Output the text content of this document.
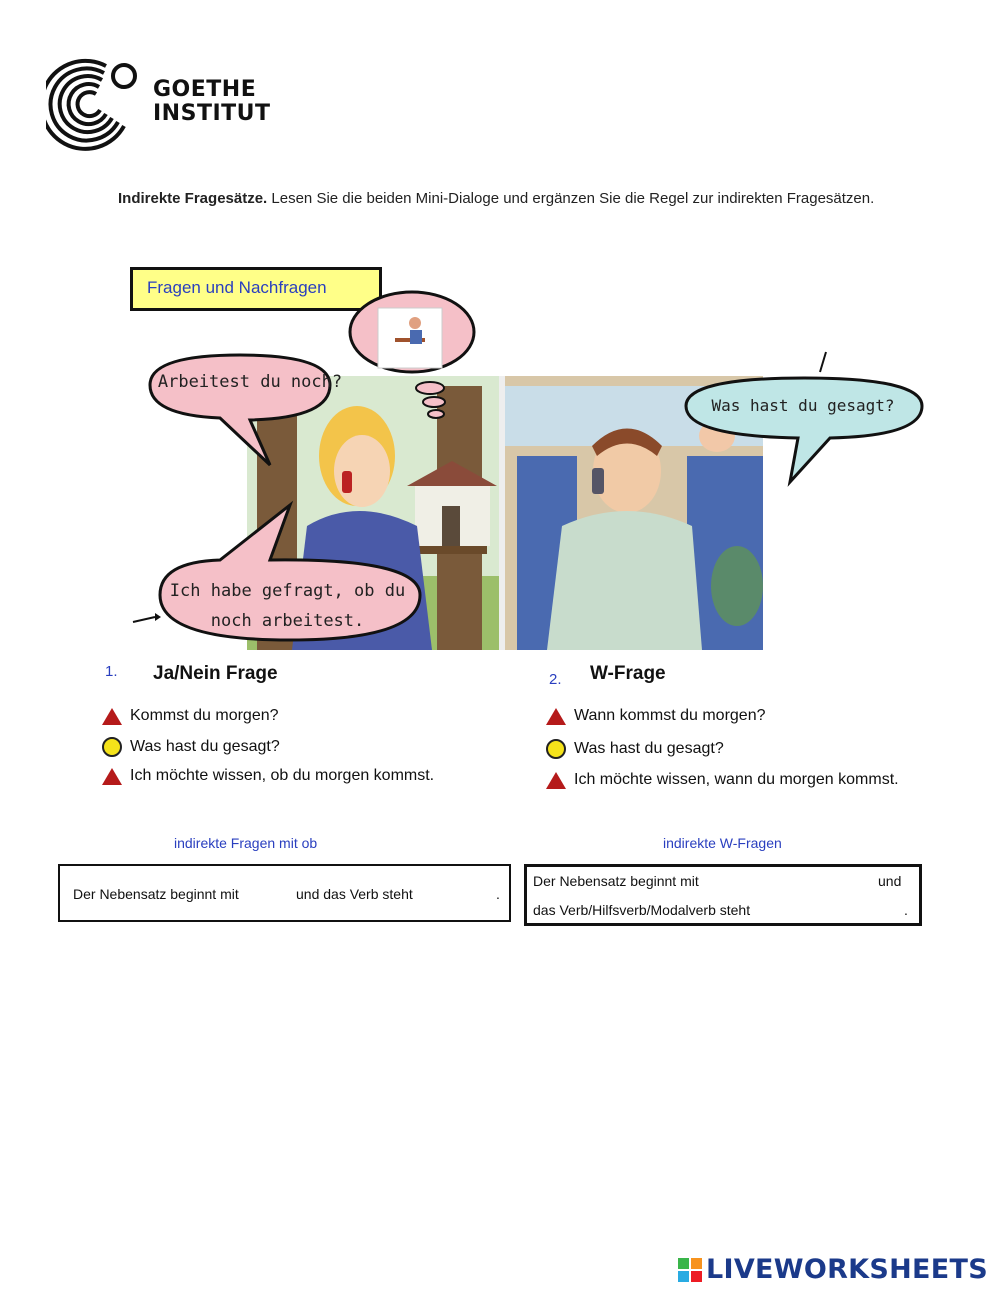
GOETHE
INSTITUT
Indirekte Fragesätze. Lesen Sie die beiden Mini-Dialoge und ergänzen Sie die Regel zur indirekten Fragesätzen.
Fragen und Nachfragen
Arbeitest du noch?
Ich habe gefragt, ob du
noch arbeitest.
Was hast du gesagt?
1. Ja/Nein Frage
Kommst du morgen?
Was hast du gesagt?
Ich möchte wissen, ob du morgen kommst.
indirekte Fragen mit ob
Der Nebensatz beginnt mit	und das Verb steht	.
2. W-Frage
Wann kommst du morgen?
Was hast du gesagt?
Ich möchte wissen, wann du morgen kommst.
indirekte W-Fragen
Der Nebensatz beginnt mit	und
das Verb/Hilfsverb/Modalverb steht	.
LIVEWORKSHEETS
